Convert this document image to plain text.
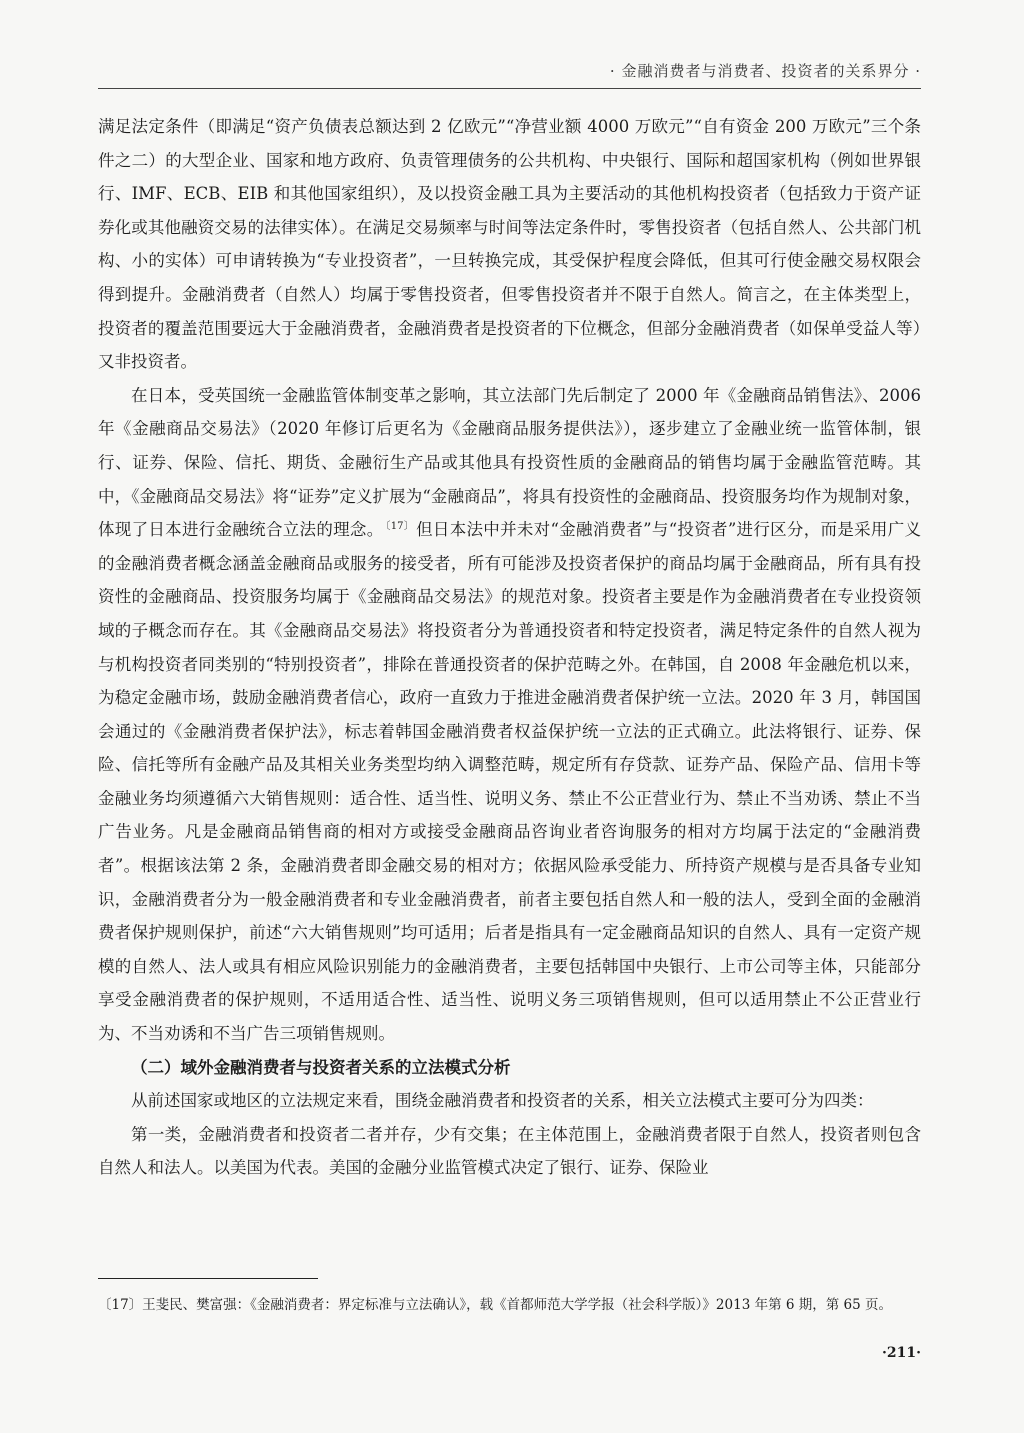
· 金融消费者与消费者、投资者的关系界分 ·

满足法定条件（即满足“资产负债表总额达到 2 亿欧元”“净营业额 4000 万欧元”“自有资金 200 万欧元”三个条件之二）的大型企业、国家和地方政府、负责管理债务的公共机构、中央银行、国际和超国家机构（例如世界银行、IMF、ECB、EIB 和其他国家组织），及以投资金融工具为主要活动的其他机构投资者（包括致力于资产证券化或其他融资交易的法律实体）。在满足交易频率与时间等法定条件时，零售投资者（包括自然人、公共部门机构、小的实体）可申请转换为“专业投资者”，一旦转换完成，其受保护程度会降低，但其可行使金融交易权限会得到提升。金融消费者（自然人）均属于零售投资者，但零售投资者并不限于自然人。简言之，在主体类型上，投资者的覆盖范围要远大于金融消费者，金融消费者是投资者的下位概念，但部分金融消费者（如保单受益人等）又非投资者。

在日本，受英国统一金融监管体制变革之影响，其立法部门先后制定了 2000 年《金融商品销售法》、2006 年《金融商品交易法》（2020 年修订后更名为《金融商品服务提供法》），逐步建立了金融业统一监管体制，银行、证券、保险、信托、期货、金融衍生产品或其他具有投资性质的金融商品的销售均属于金融监管范畴。其中，《金融商品交易法》将“证券”定义扩展为“金融商品”，将具有投资性的金融商品、投资服务均作为规制对象，体现了日本进行金融统合立法的理念。 $^{〔17〕}$ 但日本法中并未对“金融消费者”与“投资者”进行区分，而是采用广义的金融消费者概念涵盖金融商品或服务的接受者，所有可能涉及投资者保护的商品均属于金融商品，所有具有投资性的金融商品、投资服务均属于《金融商品交易法》的规范对象。投资者主要是作为金融消费者在专业投资领域的子概念而存在。其《金融商品交易法》将投资者分为普通投资者和特定投资者，满足特定条件的自然人视为与机构投资者同类别的“特别投资者”，排除在普通投资者的保护范畴之外。在韩国，自 2008 年金融危机以来，为稳定金融市场，鼓励金融消费者信心，政府一直致力于推进金融消费者保护统一立法。2020 年 3 月，韩国国会通过的《金融消费者保护法》，标志着韩国金融消费者权益保护统一立法的正式确立。此法将银行、证券、保险、信托等所有金融产品及其相关业务类型均纳入调整范畴，规定所有存贷款、证券产品、保险产品、信用卡等金融业务均须遵循六大销售规则：适合性、适当性、说明义务、禁止不公正营业行为、禁止不当劝诱、禁止不当广告业务。凡是金融商品销售商的相对方或接受金融商品咨询业者咨询服务的相对方均属于法定的“金融消费者”。根据该法第 2 条，金融消费者即金融交易的相对方；依据风险承受能力、所持资产规模与是否具备专业知识，金融消费者分为一般金融消费者和专业金融消费者，前者主要包括自然人和一般的法人，受到全面的金融消费者保护规则保护，前述“六大销售规则”均可适用；后者是指具有一定金融商品知识的自然人、具有一定资产规模的自然人、法人或具有相应风险识别能力的金融消费者，主要包括韩国中央银行、上市公司等主体，只能部分享受金融消费者的保护规则，不适用适合性、适当性、说明义务三项销售规则，但可以适用禁止不公正营业行为、不当劝诱和不当广告三项销售规则。

（二）域外金融消费者与投资者关系的立法模式分析

从前述国家或地区的立法规定来看，围绕金融消费者和投资者的关系，相关立法模式主要可分为四类：

第一类，金融消费者和投资者二者并存，少有交集；在主体范围上，金融消费者限于自然人，投资者则包含自然人和法人。以美国为代表。美国的金融分业监管模式决定了银行、证券、保险业

〔17〕王斐民、樊富强：《金融消费者：界定标准与立法确认》，载《首都师范大学学报（社会科学版）》2013 年第 6 期，第 65 页。
·211·
